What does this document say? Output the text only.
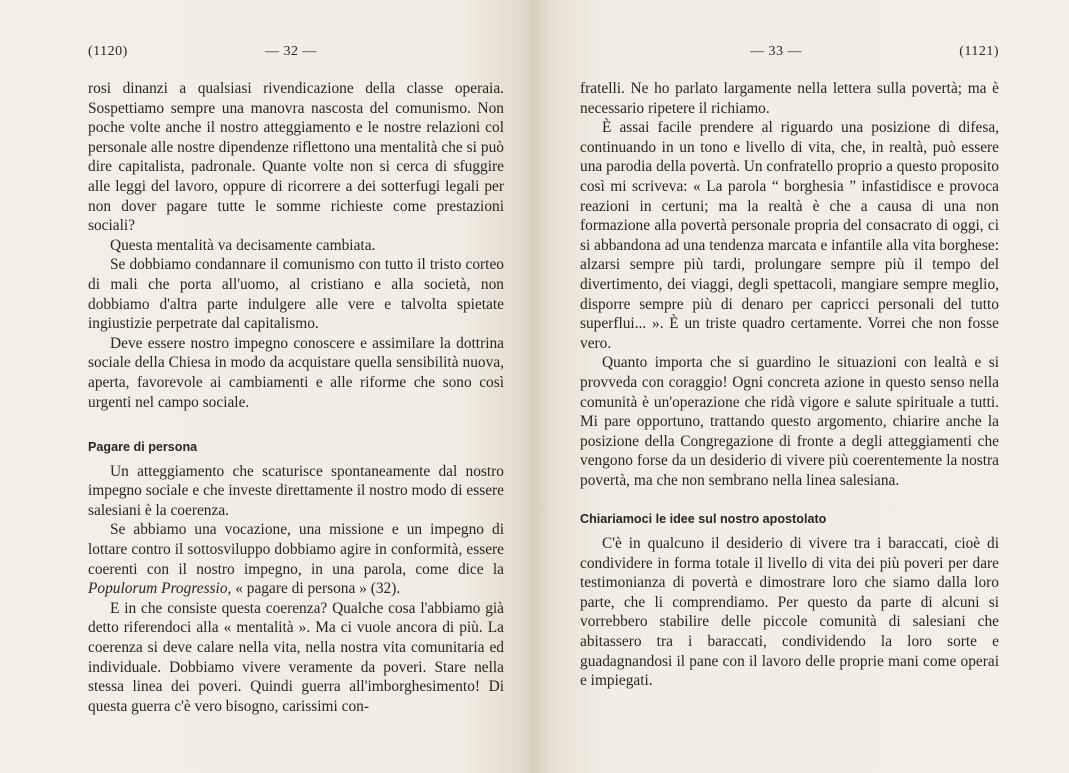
(1120)	— 32 —

rosi dinanzi a qualsiasi rivendicazione della classe operaia. Sospettiamo sempre una manovra nascosta del comunismo. Non poche volte anche il nostro atteggiamento e le nostre relazioni col personale alle nostre dipendenze riflettono una mentalità che si può dire capitalista, padronale. Quante volte non si cerca di sfuggire alle leggi del lavoro, oppure di ricorrere a dei sotterfugi legali per non dover pagare tutte le somme richieste come prestazioni sociali?

Questa mentalità va decisamente cambiata.

Se dobbiamo condannare il comunismo con tutto il tristo corteo di mali che porta all'uomo, al cristiano e alla società, non dobbiamo d'altra parte indulgere alle vere e talvolta spietate ingiustizie perpetrate dal capitalismo.

Deve essere nostro impegno conoscere e assimilare la dottrina sociale della Chiesa in modo da acquistare quella sensibilità nuova, aperta, favorevole ai cambiamenti e alle riforme che sono così urgenti nel campo sociale.

Pagare di persona

Un atteggiamento che scaturisce spontaneamente dal nostro impegno sociale e che investe direttamente il nostro modo di essere salesiani è la coerenza.

Se abbiamo una vocazione, una missione e un impegno di lottare contro il sottosviluppo dobbiamo agire in conformità, essere coerenti con il nostro impegno, in una parola, come dice la Populorum Progressio, « pagare di persona » (32).

E in che consiste questa coerenza? Qualche cosa l'abbiamo già detto riferendoci alla « mentalità ». Ma ci vuole ancora di più. La coerenza si deve calare nella vita, nella nostra vita comunitaria ed individuale. Dobbiamo vivere veramente da poveri. Stare nella stessa linea dei poveri. Quindi guerra all'imborghesimento! Di questa guerra c'è vero bisogno, carissimi con-

— 33 —	(1121)

fratelli. Ne ho parlato largamente nella lettera sulla povertà; ma è necessario ripetere il richiamo.

È assai facile prendere al riguardo una posizione di difesa, continuando in un tono e livello di vita, che, in realtà, può essere una parodia della povertà. Un confratello proprio a questo proposito così mi scriveva: « La parola “ borghesia ” infastidisce e provoca reazioni in certuni; ma la realtà è che a causa di una non formazione alla povertà personale propria del consacrato di oggi, ci si abbandona ad una tendenza marcata e infantile alla vita borghese: alzarsi sempre più tardi, prolungare sempre più il tempo del divertimento, dei viaggi, degli spettacoli, mangiare sempre meglio, disporre sempre più di denaro per capricci personali del tutto superflui... ». È un triste quadro certamente. Vorrei che non fosse vero.

Quanto importa che si guardino le situazioni con lealtà e si provveda con coraggio! Ogni concreta azione in questo senso nella comunità è un'operazione che ridà vigore e salute spirituale a tutti. Mi pare opportuno, trattando questo argomento, chiarire anche la posizione della Congregazione di fronte a degli atteggiamenti che vengono forse da un desiderio di vivere più coerentemente la nostra povertà, ma che non sembrano nella linea salesiana.

Chiariamoci le idee sul nostro apostolato

C'è in qualcuno il desiderio di vivere tra i baraccati, cioè di condividere in forma totale il livello di vita dei più poveri per dare testimonianza di povertà e dimostrare loro che siamo dalla loro parte, che li comprendiamo. Per questo da parte di alcuni si vorrebbero stabilire delle piccole comunità di salesiani che abitassero tra i baraccati, condividendo la loro sorte e guadagnandosi il pane con il lavoro delle proprie mani come operai e impiegati.
